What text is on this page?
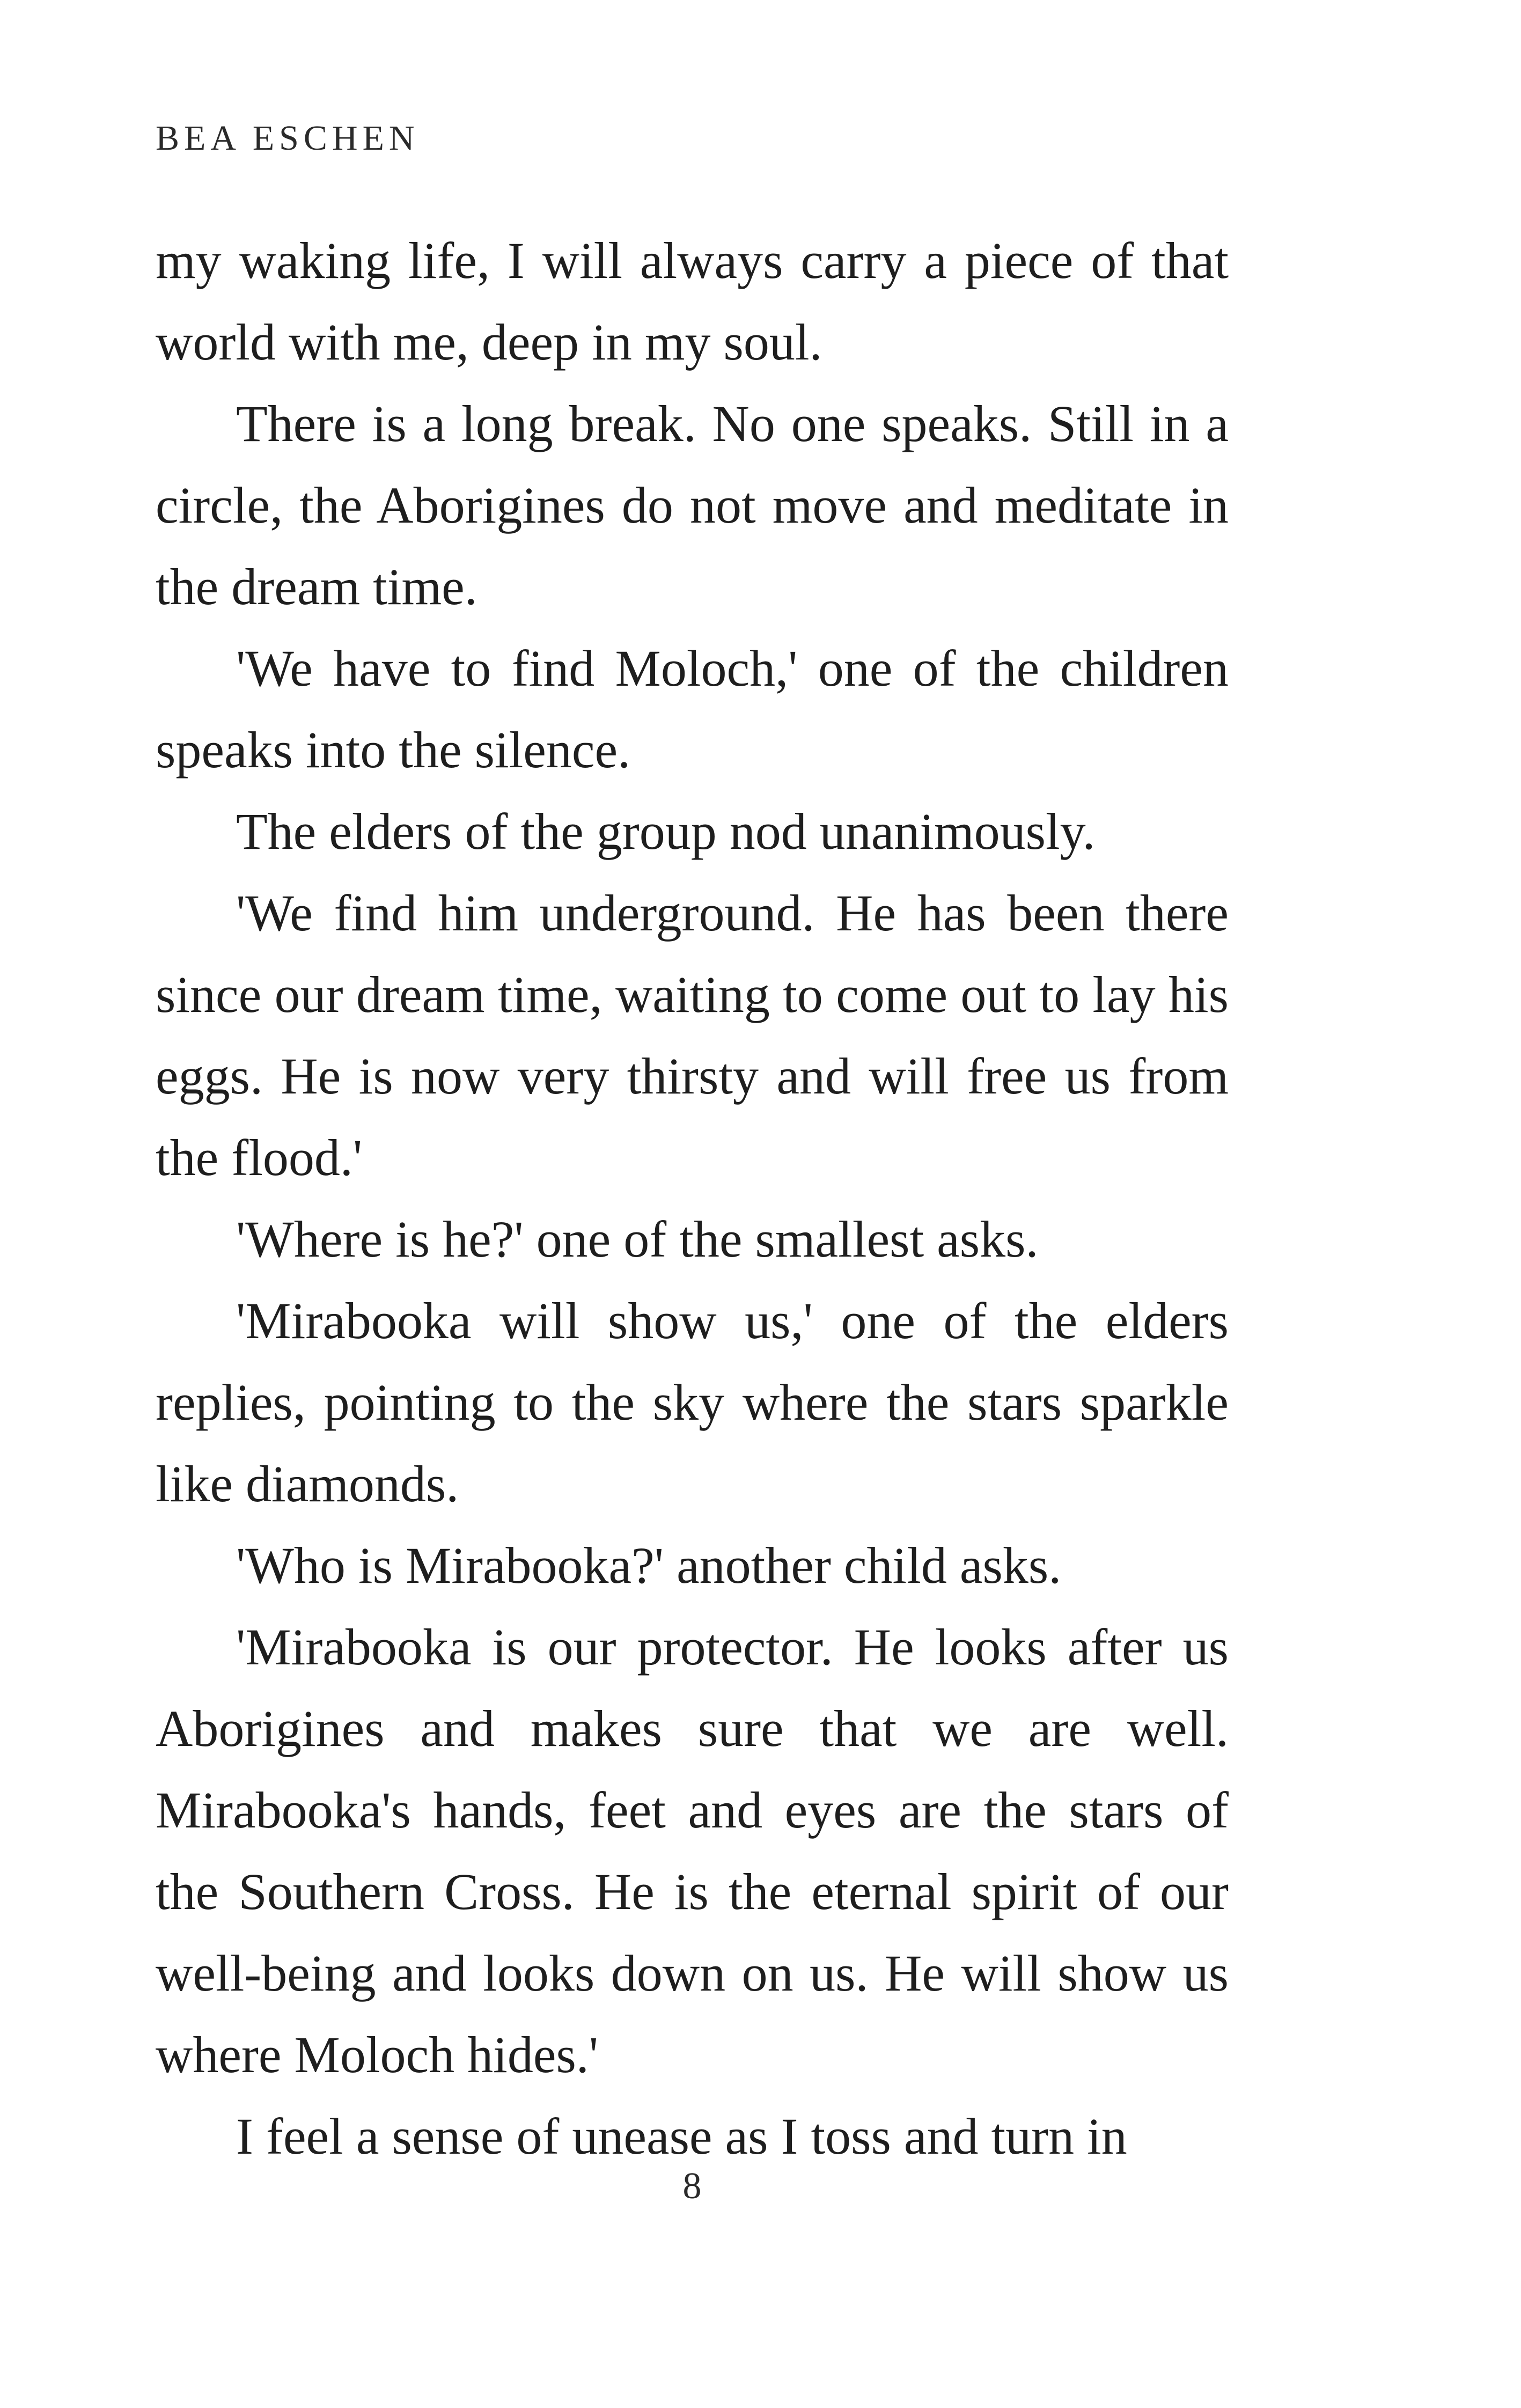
BEA ESCHEN

my waking life, I will always carry a piece of that world with me, deep in my soul.

There is a long break. No one speaks. Still in a circle, the Aborigines do not move and meditate in the dream time.

'We have to find Moloch,' one of the children speaks into the silence.

The elders of the group nod unanimously.

'We find him underground. He has been there since our dream time, waiting to come out to lay his eggs. He is now very thirsty and will free us from the flood.'

'Where is he?' one of the smallest asks.

'Mirabooka will show us,' one of the elders replies, pointing to the sky where the stars sparkle like diamonds.

'Who is Mirabooka?' another child asks.

'Mirabooka is our protector. He looks after us Aborigines and makes sure that we are well. Mirabooka's hands, feet and eyes are the stars of the Southern Cross. He is the eternal spirit of our well-being and looks down on us. He will show us where Moloch hides.'

I feel a sense of unease as I toss and turn in

8
